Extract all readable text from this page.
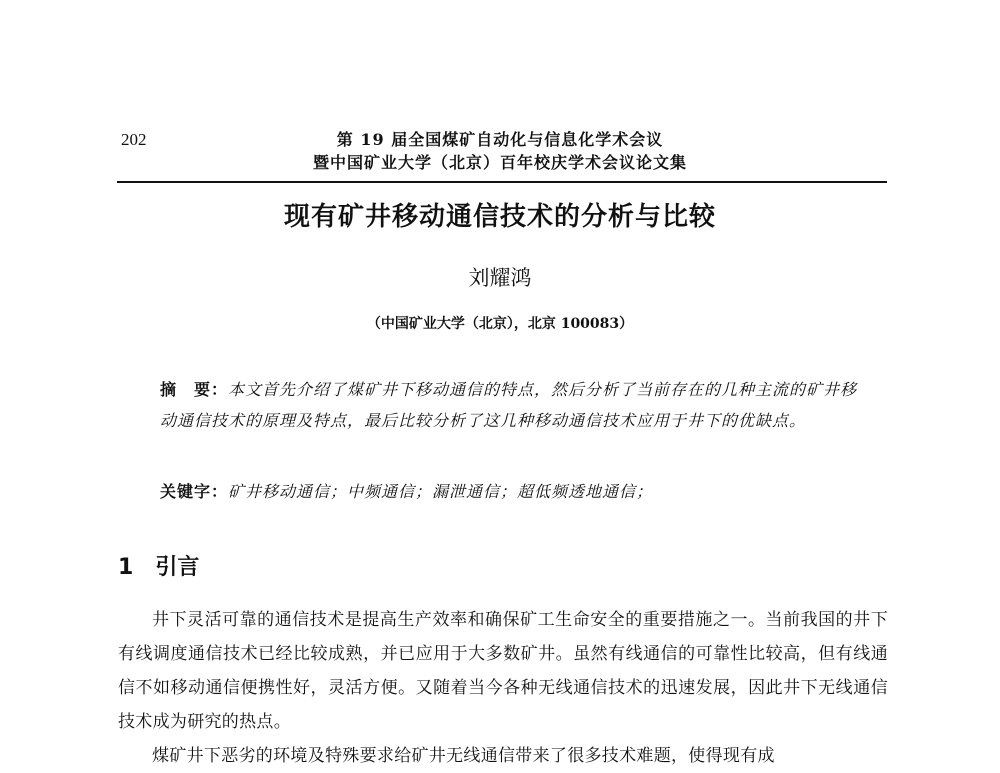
202	第 19 届全国煤矿自动化与信息化学术会议
暨中国矿业大学（北京）百年校庆学术会议论文集
现有矿井移动通信技术的分析与比较
刘耀鸿
（中国矿业大学（北京），北京 100083）
摘　要：本文首先介绍了煤矿井下移动通信的特点，然后分析了当前存在的几种主流的矿井移动通信技术的原理及特点，最后比较分析了这几种移动通信技术应用于井下的优缺点。
关键字：矿井移动通信；中频通信；漏泄通信；超低频透地通信；
1 引言

井下灵活可靠的通信技术是提高生产效率和确保矿工生命安全的重要措施之一。当前我国的井下有线调度通信技术已经比较成熟，并已应用于大多数矿井。虽然有线通信的可靠性比较高，但有线通信不如移动通信便携性好，灵活方便。又随着当今各种无线通信技术的迅速发展，因此井下无线通信技术成为研究的热点。

煤矿井下恶劣的环境及特殊要求给矿井无线通信带来了很多技术难题，使得现有成
